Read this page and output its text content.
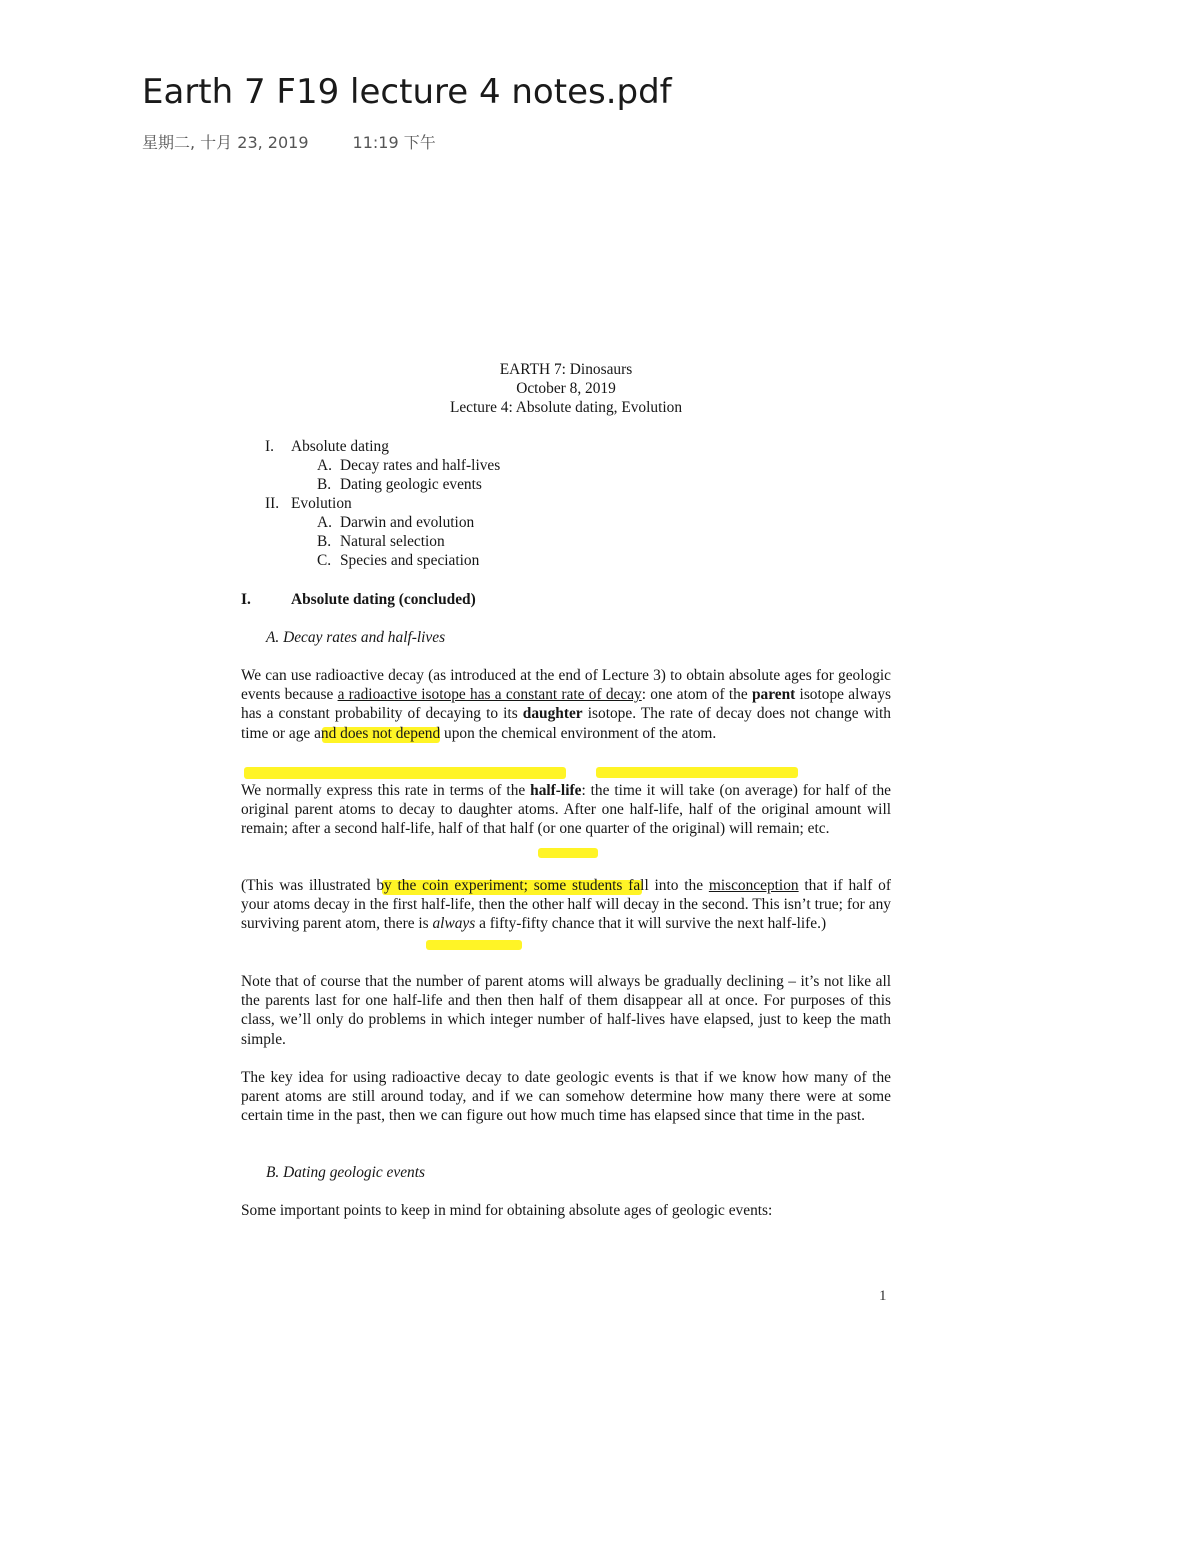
Earth 7 F19 lecture 4 notes.pdf
星期二, 十月 23, 2019	11:19 下午
EARTH 7: Dinosaurs
October 8, 2019
Lecture 4: Absolute dating, Evolution
I. Absolute dating
A. Decay rates and half-lives
B. Dating geologic events
II. Evolution
A. Darwin and evolution
B. Natural selection
C. Species and speciation
I.	Absolute dating (concluded)
A. Decay rates and half-lives

We can use radioactive decay (as introduced at the end of Lecture 3) to obtain absolute ages for geologic events because a radioactive isotope has a constant rate of decay: one atom of the parent isotope always has a constant probability of decaying to its daughter isotope. The rate of decay does not change with time or age and does not depend upon the chemical environment of the atom.

We normally express this rate in terms of the half-life: the time it will take (on average) for half of the original parent atoms to decay to daughter atoms. After one half-life, half of the original amount will remain; after a second half-life, half of that half (or one quarter of the original) will remain; etc.

(This was illustrated by the coin experiment; some students fall into the misconception that if half of your atoms decay in the first half-life, then the other half will decay in the second. This isn’t true; for any surviving parent atom, there is always a fifty-fifty chance that it will survive the next half-life.)

Note that of course that the number of parent atoms will always be gradually declining – it’s not like all the parents last for one half-life and then then half of them disappear all at once. For purposes of this class, we’ll only do problems in which integer number of half-lives have elapsed, just to keep the math simple.

The key idea for using radioactive decay to date geologic events is that if we know how many of the parent atoms are still around today, and if we can somehow determine how many there were at some certain time in the past, then we can figure out how much time has elapsed since that time in the past.

B. Dating geologic events

Some important points to keep in mind for obtaining absolute ages of geologic events:

1
